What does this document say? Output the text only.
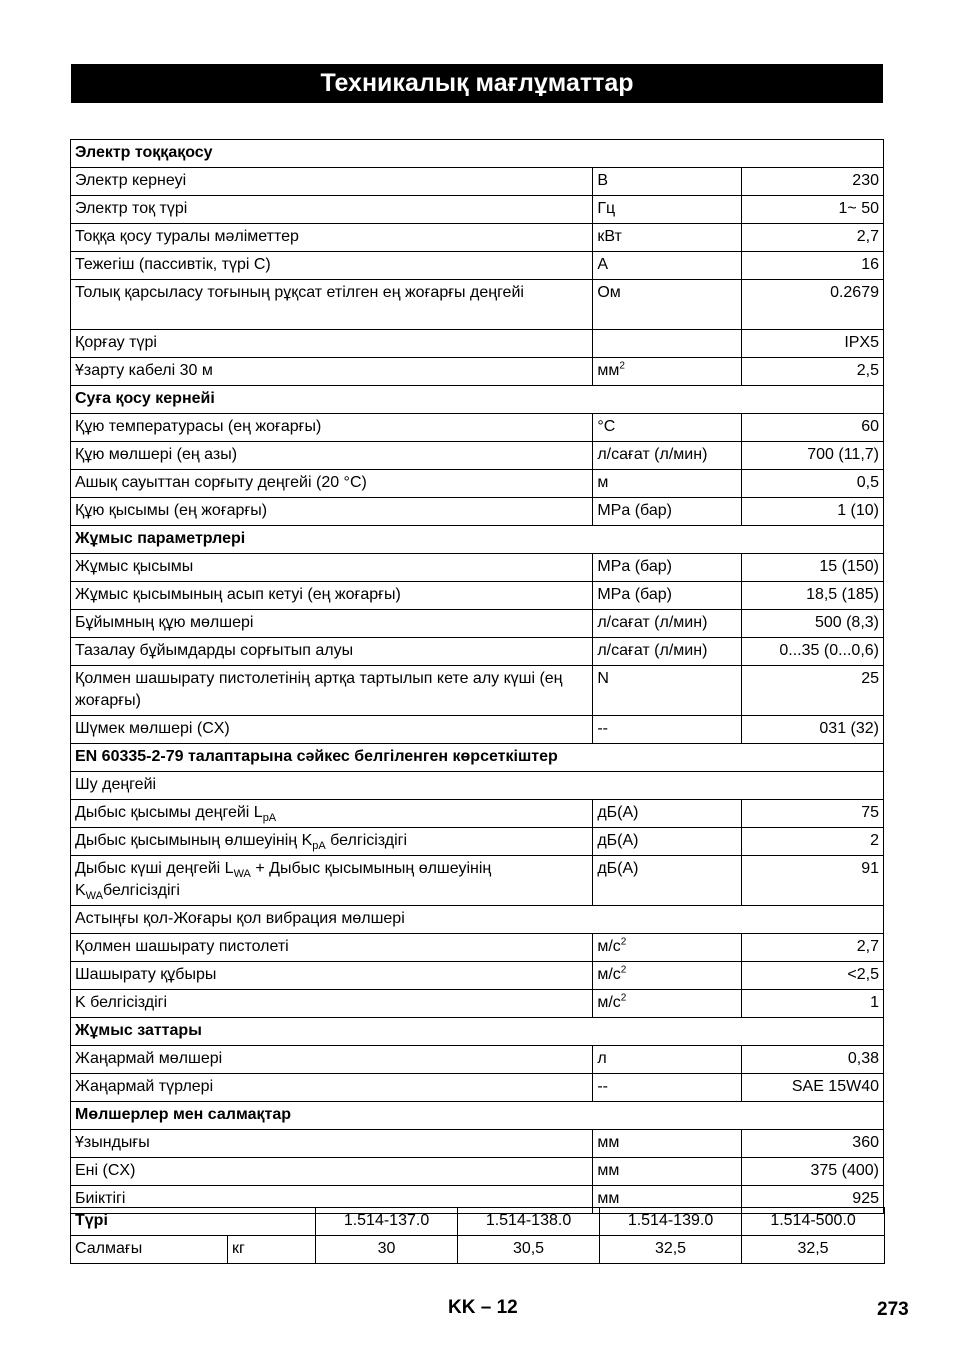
Техникалық мағлұматтар
Электр тоққақосу		
Электр кернеуі	В	230
Электр тоқ түрі	Гц	1~ 50
Тоққа қосу туралы мәліметтер	кВт	2,7
Тежегіш (пассивтік, түрі C)	A	16
Толық қарсыласу тоғының рұқсат етілген ең жоғарғы деңгейі	Ом	0.2679
Қорғау түрі		IPX5
Ұзарту кабелі 30 м	$мм^2$	2,5
Суға қосу кернейі		
Құю температурасы (ең жоғарғы)	°C	60
Құю мөлшері (ең азы)	л/сағат (л/мин)	700 (11,7)
Ашық сауыттан сорғыту деңгейі (20 °C)	м	0,5
Құю қысымы (ең жоғарғы)	MPa (бар)	1 (10)
Жұмыс параметрлері		
Жұмыс қысымы	MPa (бар)	15 (150)
Жұмыс қысымының асып кетуі (ең жоғарғы)	MPa (бар)	18,5 (185)
Бұйымның құю мөлшері	л/сағат (л/мин)	500 (8,3)
Тазалау бұйымдарды сорғытып алуы	л/сағат (л/мин)	0...35 (0...0,6)
Қолмен шашырату пистолетінің артқа тартылып кете алу күші (ең жоғарғы)	N	25
Шүмек мөлшері (CX)	--	031 (32)
EN 60335-2-79 талаптарына сәйкес белгіленген көрсеткіштер		
Шу деңгейі		
Дыбыс қысымы деңгейі $L_{pA}$	дБ(A)	75
Дыбыс қысымының өлшеуінің $K_{pA}$ белгісіздігі	дБ(A)	2
Дыбыс күші деңгейі $L_{WA}$ + Дыбыс қысымының өлшеуінің $K_{WA}белгісіздігі$	дБ(A)	91
Астыңғы қол-Жоғары қол вибрация мөлшері		
Қолмен шашырату пистолеті	$м/с^2$	2,7
Шашырату құбыры	$м/с^2$	<2,5
K белгісіздігі	$м/с^2$	1
Жұмыс заттары		
Жаңармай мөлшері	л	0,38
Жаңармай түрлері	--	SAE 15W40
Мөлшерлер мен салмақтар		
Ұзындығы	мм	360
Ені (CX)	мм	375 (400)
Биіктігі	мм	925
Түрі		1.514-137.0	1.514-138.0	1.514-139.0	1.514-500.0
Салмағы	кг	30	30,5	32,5	32,5
KK – 12	273
